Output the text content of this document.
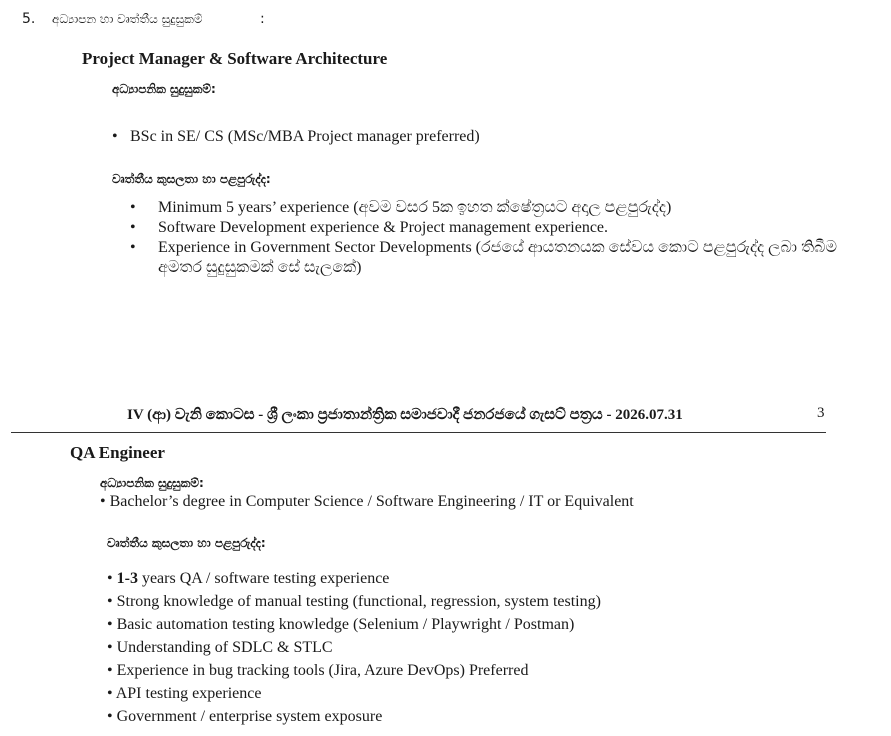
5. අධ්‍යාපන හා වෘත්තීය සුදුසුකම්	:
Project Manager & Software Architecture
අධ්‍යාපනික සුදුසුකම්:
• BSc in SE/ CS (MSc/MBA Project manager preferred)
වෘත්තීය කුසලතා හා පළපුරුද්ද:
• Minimum 5 years’ experience (අවම වසර 5ක ඉහත ක්ෂේත්‍රයට අදාල පළපුරුද්ද)
• Software Development experience & Project management experience.
• Experience in Government Sector Developments (රජයේ ආයතනයක සේවය කොට පළපුරුද්ද ලබා තිබීම
අමතර සුදුසුකමක් සේ සැලකේ)
IV (ආ) වැනි කොටස - ශ්‍රී ලංකා ප්‍රජාතාන්ත්‍රික සමාජවාදී ජනරජයේ ගැසට් පත්‍රය - 2026.07.31	3
QA Engineer
අධ්‍යාපනික සුදුසුකම්:
• Bachelor’s degree in Computer Science / Software Engineering / IT or Equivalent
වෘත්තීය කුසලතා හා පළපුරුද්ද:
• 1-3 years QA / software testing experience
• Strong knowledge of manual testing (functional, regression, system testing)
• Basic automation testing knowledge (Selenium / Playwright / Postman)
• Understanding of SDLC & STLC
• Experience in bug tracking tools (Jira, Azure DevOps) Preferred
• API testing experience
• Government / enterprise system exposure
